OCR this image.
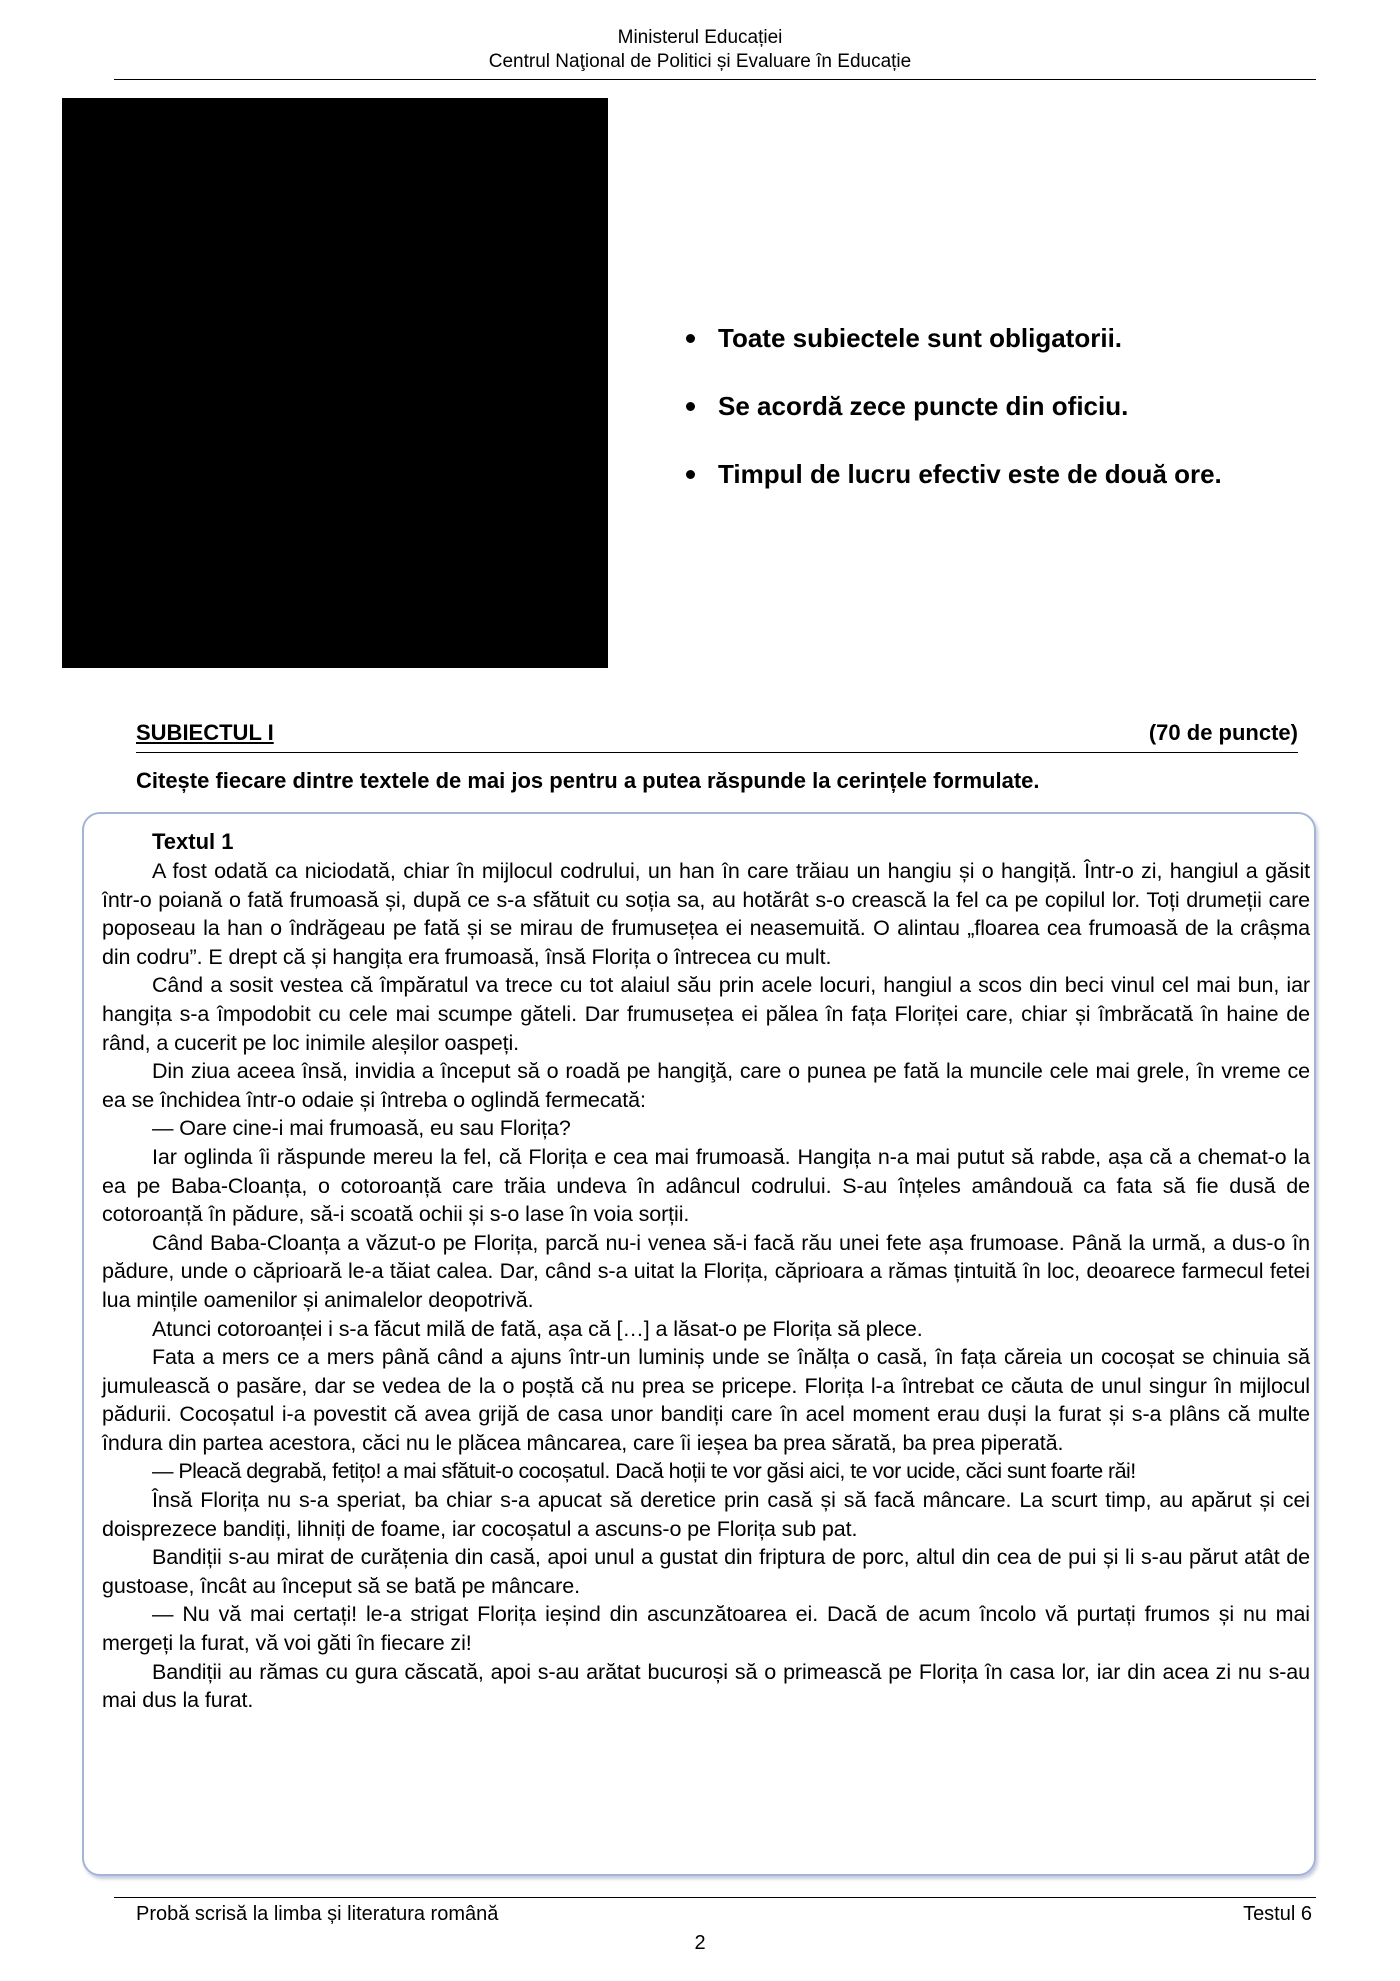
Ministerul Educației
Centrul Naţional de Politici și Evaluare în Educație
Toate subiectele sunt obligatorii.
Se acordă zece puncte din oficiu.
Timpul de lucru efectiv este de două ore.
SUBIECTUL I	(70 de puncte)
Citește fiecare dintre textele de mai jos pentru a putea răspunde la cerințele formulate.
Textul 1

A fost odată ca niciodată, chiar în mijlocul codrului, un han în care trăiau un hangiu și o hangiță. Într-o zi, hangiul a găsit într-o poiană o fată frumoasă și, după ce s-a sfătuit cu soția sa, au hotărât s-o crească la fel ca pe copilul lor. Toți drumeții care poposeau la han o îndrăgeau pe fată și se mirau de frumusețea ei neasemuită. O alintau „floarea cea frumoasă de la crâșma din codru”. E drept că și hangița era frumoasă, însă Florița o întrecea cu mult.

Când a sosit vestea că împăratul va trece cu tot alaiul său prin acele locuri, hangiul a scos din beci vinul cel mai bun, iar hangița s-a împodobit cu cele mai scumpe găteli. Dar frumusețea ei pălea în fața Floriței care, chiar și îmbrăcată în haine de rând, a cucerit pe loc inimile aleșilor oaspeți.

Din ziua aceea însă, invidia a început să o roadă pe hangiţă, care o punea pe fată la muncile cele mai grele, în vreme ce ea se închidea într-o odaie și întreba o oglindă fermecată:

— Oare cine-i mai frumoasă, eu sau Florița?

Iar oglinda îi răspunde mereu la fel, că Florița e cea mai frumoasă. Hangița n-a mai putut să rabde, așa că a chemat-o la ea pe Baba-Cloanța, o cotoroanță care trăia undeva în adâncul codrului. S-au înțeles amândouă ca fata să fie dusă de cotoroanță în pădure, să-i scoată ochii și s-o lase în voia sorții.

Când Baba-Cloanța a văzut-o pe Florița, parcă nu-i venea să-i facă rău unei fete așa frumoase. Până la urmă, a dus-o în pădure, unde o căprioară le-a tăiat calea. Dar, când s-a uitat la Florița, căprioara a rămas țintuită în loc, deoarece farmecul fetei lua mințile oamenilor și animalelor deopotrivă.

Atunci cotoroanței i s-a făcut milă de fată, așa că […] a lăsat-o pe Florița să plece.

Fata a mers ce a mers până când a ajuns într-un luminiș unde se înălța o casă, în fața căreia un cocoșat se chinuia să jumulească o pasăre, dar se vedea de la o poștă că nu prea se pricepe. Florița l-a întrebat ce căuta de unul singur în mijlocul pădurii. Cocoșatul i-a povestit că avea grijă de casa unor bandiți care în acel moment erau duși la furat și s-a plâns că multe îndura din partea acestora, căci nu le plăcea mâncarea, care îi ieșea ba prea sărată, ba prea piperată.

— Pleacă degrabă, fetițo! a mai sfătuit-o cocoșatul. Dacă hoții te vor găsi aici, te vor ucide, căci sunt foarte răi!

Însă Florița nu s-a speriat, ba chiar s-a apucat să deretice prin casă și să facă mâncare. La scurt timp, au apărut și cei doisprezece bandiți, lihniți de foame, iar cocoșatul a ascuns-o pe Florița sub pat.

Bandiții s-au mirat de curățenia din casă, apoi unul a gustat din friptura de porc, altul din cea de pui și li s-au părut atât de gustoase, încât au început să se bată pe mâncare.

— Nu vă mai certați! le-a strigat Florița ieșind din ascunzătoarea ei. Dacă de acum încolo vă purtați frumos și nu mai mergeți la furat, vă voi găti în fiecare zi!

Bandiții au rămas cu gura căscată, apoi s-au arătat bucuroși să o primească pe Florița în casa lor, iar din acea zi nu s-au mai dus la furat.

Probă scrisă la limba și literatura română	Testul 6
2
